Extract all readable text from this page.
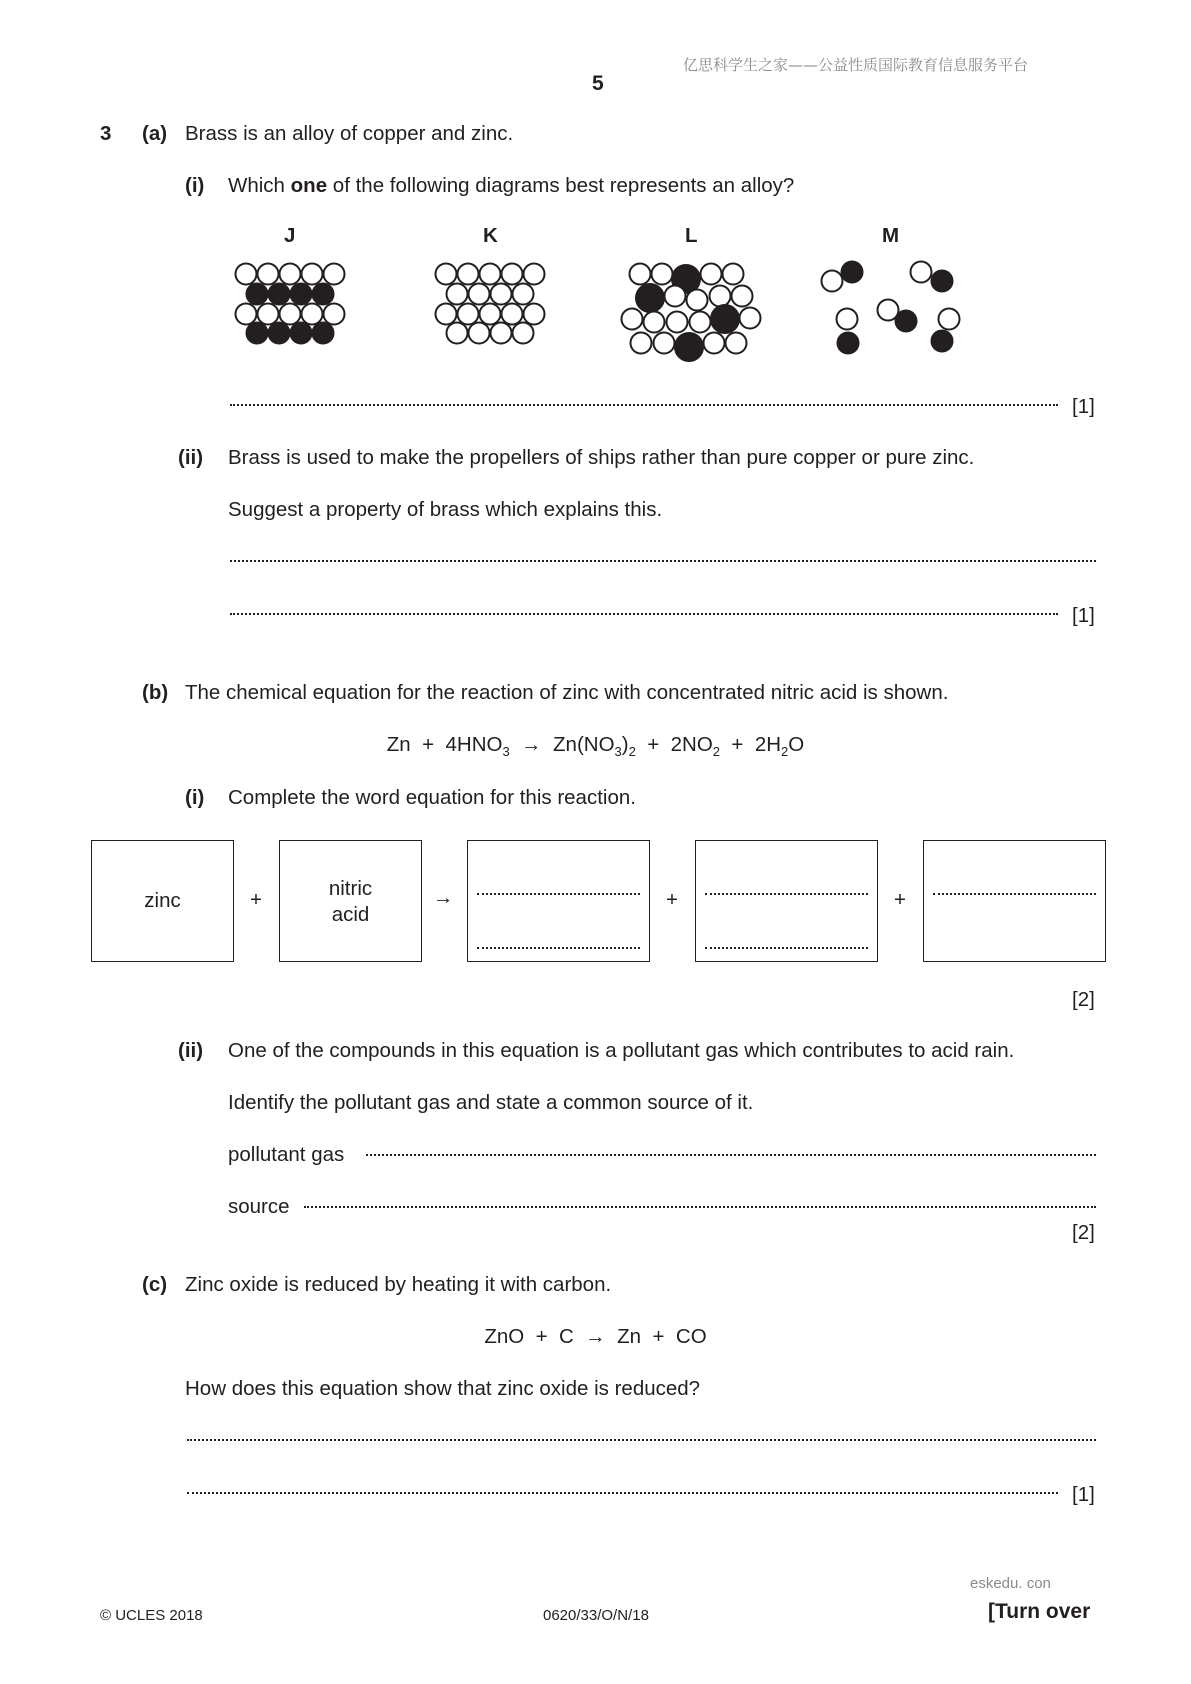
亿思科学生之家——公益性质国际教育信息服务平台
5
3 (a) Brass is an alloy of copper and zinc.
(i) Which one of the following diagrams best represents an alloy?
J	K	L	M
[1]
(ii) Brass is used to make the propellers of ships rather than pure copper or pure zinc.
Suggest a property of brass which explains this.
[1]
(b) The chemical equation for the reaction of zinc with concentrated nitric acid is shown.
$Zn + 4HNO_3 \to Zn(NO_3)_2 + 2NO_2 + 2H_2O$
(i) Complete the word equation for this reaction.
zinc	+	nitric
acid
→	+	+
[2]
(ii) One of the compounds in this equation is a pollutant gas which contributes to acid rain.
Identify the pollutant gas and state a common source of it.
pollutant gas
source
[2]
(c) Zinc oxide is reduced by heating it with carbon.
ZnO + C → Zn + CO
How does this equation show that zinc oxide is reduced?
[1]
eskedu. con
© UCLES 2018	0620/33/O/N/18	[Turn over
